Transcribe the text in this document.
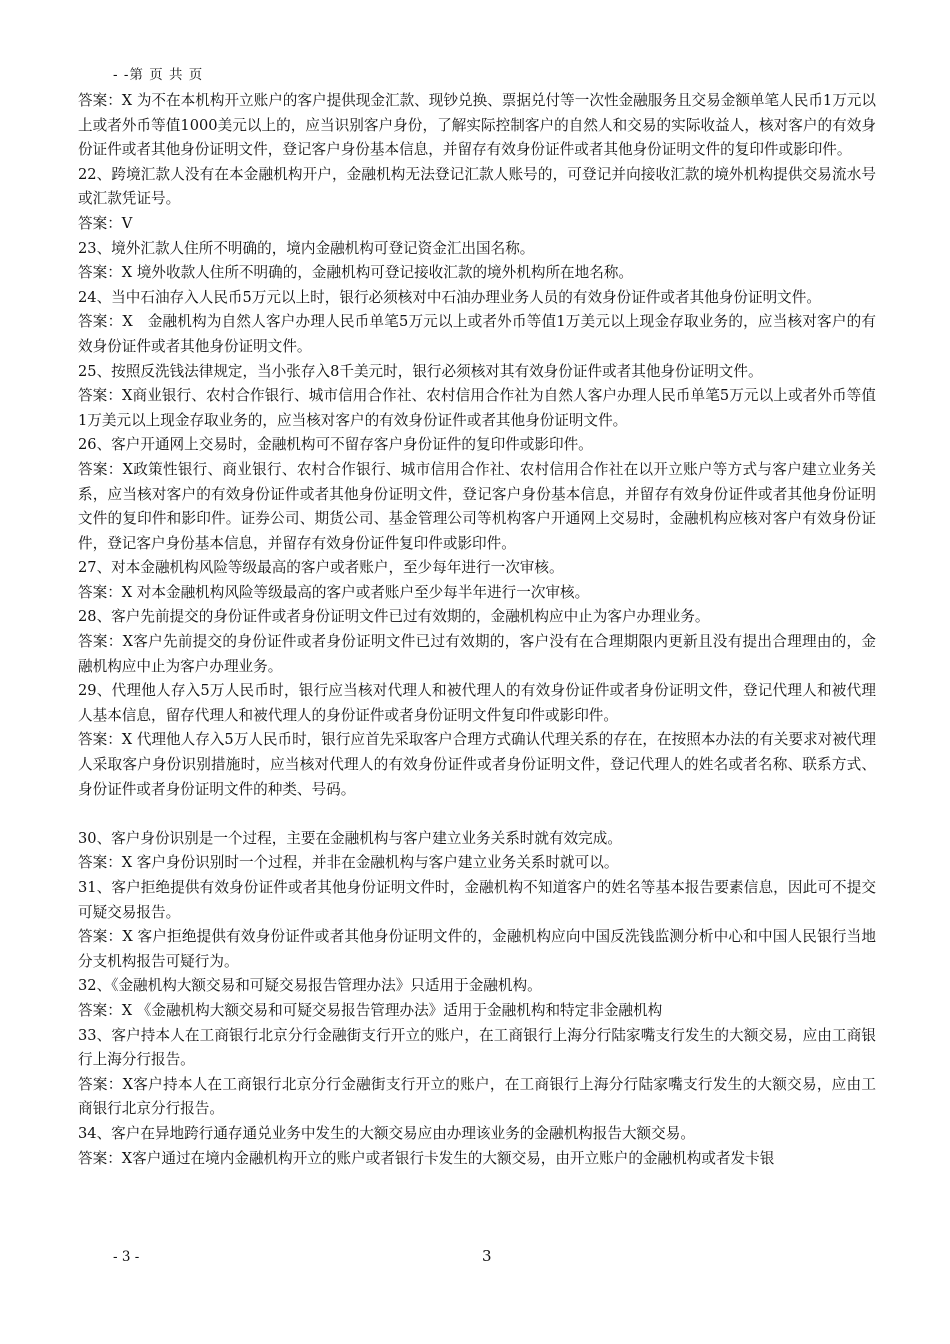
- -第 页 共 页

答案：X 为不在本机构开立账户的客户提供现金汇款、现钞兑换、票据兑付等一次性金融服务且交易金额单笔人民币1万元以上或者外币等值1000美元以上的，应当识别客户身份，了解实际控制客户的自然人和交易的实际收益人，核对客户的有效身份证件或者其他身份证明文件，登记客户身份基本信息，并留存有效身份证件或者其他身份证明文件的复印件或影印件。

22、跨境汇款人没有在本金融机构开户，金融机构无法登记汇款人账号的，可登记并向接收汇款的境外机构提供交易流水号或汇款凭证号。

答案：V

23、境外汇款人住所不明确的，境内金融机构可登记资金汇出国名称。

答案：X 境外收款人住所不明确的，金融机构可登记接收汇款的境外机构所在地名称。

24、当中石油存入人民币5万元以上时，银行必须核对中石油办理业务人员的有效身份证件或者其他身份证明文件。

答案：X　金融机构为自然人客户办理人民币单笔5万元以上或者外币等值1万美元以上现金存取业务的，应当核对客户的有效身份证件或者其他身份证明文件。

25、按照反洗钱法律规定，当小张存入8千美元时，银行必须核对其有效身份证件或者其他身份证明文件。

答案：X商业银行、农村合作银行、城市信用合作社、农村信用合作社为自然人客户办理人民币单笔5万元以上或者外币等值1万美元以上现金存取业务的，应当核对客户的有效身份证件或者其他身份证明文件。

26、客户开通网上交易时，金融机构可不留存客户身份证件的复印件或影印件。

答案：X政策性银行、商业银行、农村合作银行、城市信用合作社、农村信用合作社在以开立账户等方式与客户建立业务关系，应当核对客户的有效身份证件或者其他身份证明文件，登记客户身份基本信息，并留存有效身份证件或者其他身份证明文件的复印件和影印件。证券公司、期货公司、基金管理公司等机构客户开通网上交易时，金融机构应核对客户有效身份证件，登记客户身份基本信息，并留存有效身份证件复印件或影印件。

27、对本金融机构风险等级最高的客户或者账户，至少每年进行一次审核。

答案：X 对本金融机构风险等级最高的客户或者账户至少每半年进行一次审核。

28、客户先前提交的身份证件或者身份证明文件已过有效期的，金融机构应中止为客户办理业务。

答案：X客户先前提交的身份证件或者身份证明文件已过有效期的，客户没有在合理期限内更新且没有提出合理理由的，金融机构应中止为客户办理业务。

29、代理他人存入5万人民币时，银行应当核对代理人和被代理人的有效身份证件或者身份证明文件，登记代理人和被代理人基本信息，留存代理人和被代理人的身份证件或者身份证明文件复印件或影印件。

答案：X 代理他人存入5万人民币时，银行应首先采取客户合理方式确认代理关系的存在，在按照本办法的有关要求对被代理人采取客户身份识别措施时，应当核对代理人的有效身份证件或者身份证明文件，登记代理人的姓名或者名称、联系方式、身份证件或者身份证明文件的种类、号码。

30、客户身份识别是一个过程，主要在金融机构与客户建立业务关系时就有效完成。

答案：X 客户身份识别时一个过程，并非在金融机构与客户建立业务关系时就可以。

31、客户拒绝提供有效身份证件或者其他身份证明文件时，金融机构不知道客户的姓名等基本报告要素信息，因此可不提交可疑交易报告。

答案：X 客户拒绝提供有效身份证件或者其他身份证明文件的，金融机构应向中国反洗钱监测分析中心和中国人民银行当地分支机构报告可疑行为。

32、《金融机构大额交易和可疑交易报告管理办法》只适用于金融机构。

答案：X 《金融机构大额交易和可疑交易报告管理办法》适用于金融机构和特定非金融机构

33、客户持本人在工商银行北京分行金融街支行开立的账户，在工商银行上海分行陆家嘴支行发生的大额交易，应由工商银行上海分行报告。

答案：X客户持本人在工商银行北京分行金融街支行开立的账户，在工商银行上海分行陆家嘴支行发生的大额交易，应由工商银行北京分行报告。

34、客户在异地跨行通存通兑业务中发生的大额交易应由办理该业务的金融机构报告大额交易。

答案：X客户通过在境内金融机构开立的账户或者银行卡发生的大额交易，由开立账户的金融机构或者发卡银

- 3 -	3
